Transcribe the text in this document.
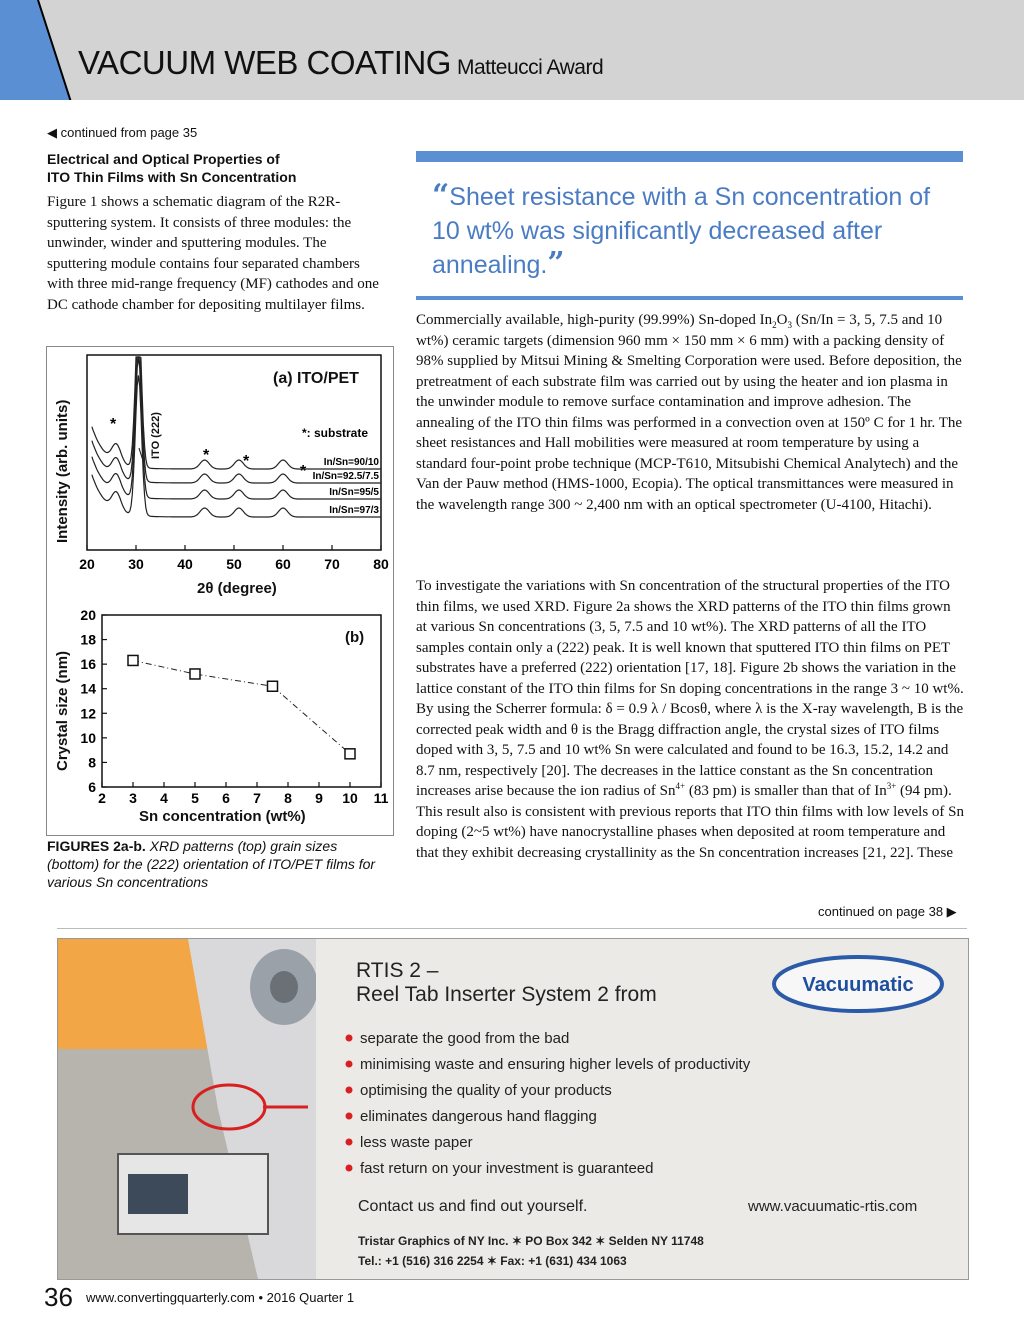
VACUUM WEB COATING Matteucci Award
◀ continued from page 35
Electrical and Optical Properties of
ITO Thin Films with Sn Concentration
Figure 1 shows a schematic diagram of the R2R-sputtering system. It consists of three modules: the unwinder, winder and sputtering modules. The sputtering module contains four separated chambers with three mid-range frequency (MF) cathodes and one DC cathode chamber for depositing multilayer films.
Intensity (arb. units)
(a) ITO/PET
ITO (222)
*
* *
*
*: substrate
In/Sn=90/10
In/Sn=92.5/7.5
In/Sn=95/5
In/Sn=97/3
20 30 40 50 60 70 80
2θ (degree)
Crystal size (nm)
(b)
2 3 4 5 6 7 8 9 10 11
6
8
10
12
14
16
18
20
Sn concentration (wt%)
FIGURES 2a-b. XRD patterns (top) grain sizes (bottom) for the (222) orientation of ITO/PET films for various Sn concentrations
“Sheet resistance with a Sn concentration of 10 wt% was significantly decreased after annealing.”
Commercially available, high-purity (99.99%) Sn-doped $In_2O_3$ (Sn/In = 3, 5, 7.5 and 10 wt%) ceramic targets (dimension 960 mm × 150 mm × 6 mm) with a packing density of 98% supplied by Mitsui Mining & Smelting Corporation were used. Before deposition, the pretreatment of each substrate film was carried out by using the heater and ion plasma in the unwinder module to remove surface contamination and improve adhesion. The annealing of the ITO thin films was performed in a convection oven at 150º C for 1 hr. The sheet resistances and Hall mobilities were measured at room temperature by using a standard four-point probe technique (MCP-T610, Mitsubishi Chemical Analytech) and the Van der Pauw method (HMS-1000, Ecopia). The optical transmittances were measured in the wavelength range 300 ~ 2,400 nm with an optical spectrometer (U-4100, Hitachi).
To investigate the variations with Sn concentration of the structural properties of the ITO thin films, we used XRD. Figure 2a shows the XRD patterns of the ITO thin films grown at various Sn concentrations (3, 5, 7.5 and 10 wt%). The XRD patterns of all the ITO samples contain only a (222) peak. It is well known that sputtered ITO thin films on PET substrates have a preferred (222) orientation [17, 18]. Figure 2b shows the variation in the lattice constant of the ITO thin films for Sn doping concentrations in the range 3 ~ 10 wt%. By using the Scherrer formula: δ = 0.9 λ / Bcosθ, where λ is the X-ray wavelength, B is the corrected peak width and θ is the Bragg diffraction angle, the crystal sizes of ITO films doped with 3, 5, 7.5 and 10 wt% Sn were calculated and found to be 16.3, 15.2, 14.2 and 8.7 nm, respectively [20]. The decreases in the lattice constant as the Sn concentration increases arise because the ion radius of $Sn^{4+}$ (83 pm) is smaller than that of $In^{3+}$ (94 pm). This result also is consistent with previous reports that ITO thin films with low levels of Sn doping (2~5 wt%) have nanocrystalline phases when deposited at room temperature and that they exhibit decreasing crystallinity as the Sn concentration increases [21, 22]. These
continued on page 38 ▶
RTIS 2 –
Reel Tab Inserter System 2 from	Vacuumatic
separate the good from the bad
minimising waste and ensuring higher levels of productivity
optimising the quality of your products
eliminates dangerous hand flagging
less waste paper
fast return on your investment is guaranteed
Contact us and find out yourself.	www.vacuumatic-rtis.com
Tristar Graphics of NY Inc. ✶ PO Box 342 ✶ Selden NY 11748
Tel.: +1 (516) 316 2254 ✶ Fax: +1 (631) 434 1063
36 www.convertingquarterly.com • 2016 Quarter 1
